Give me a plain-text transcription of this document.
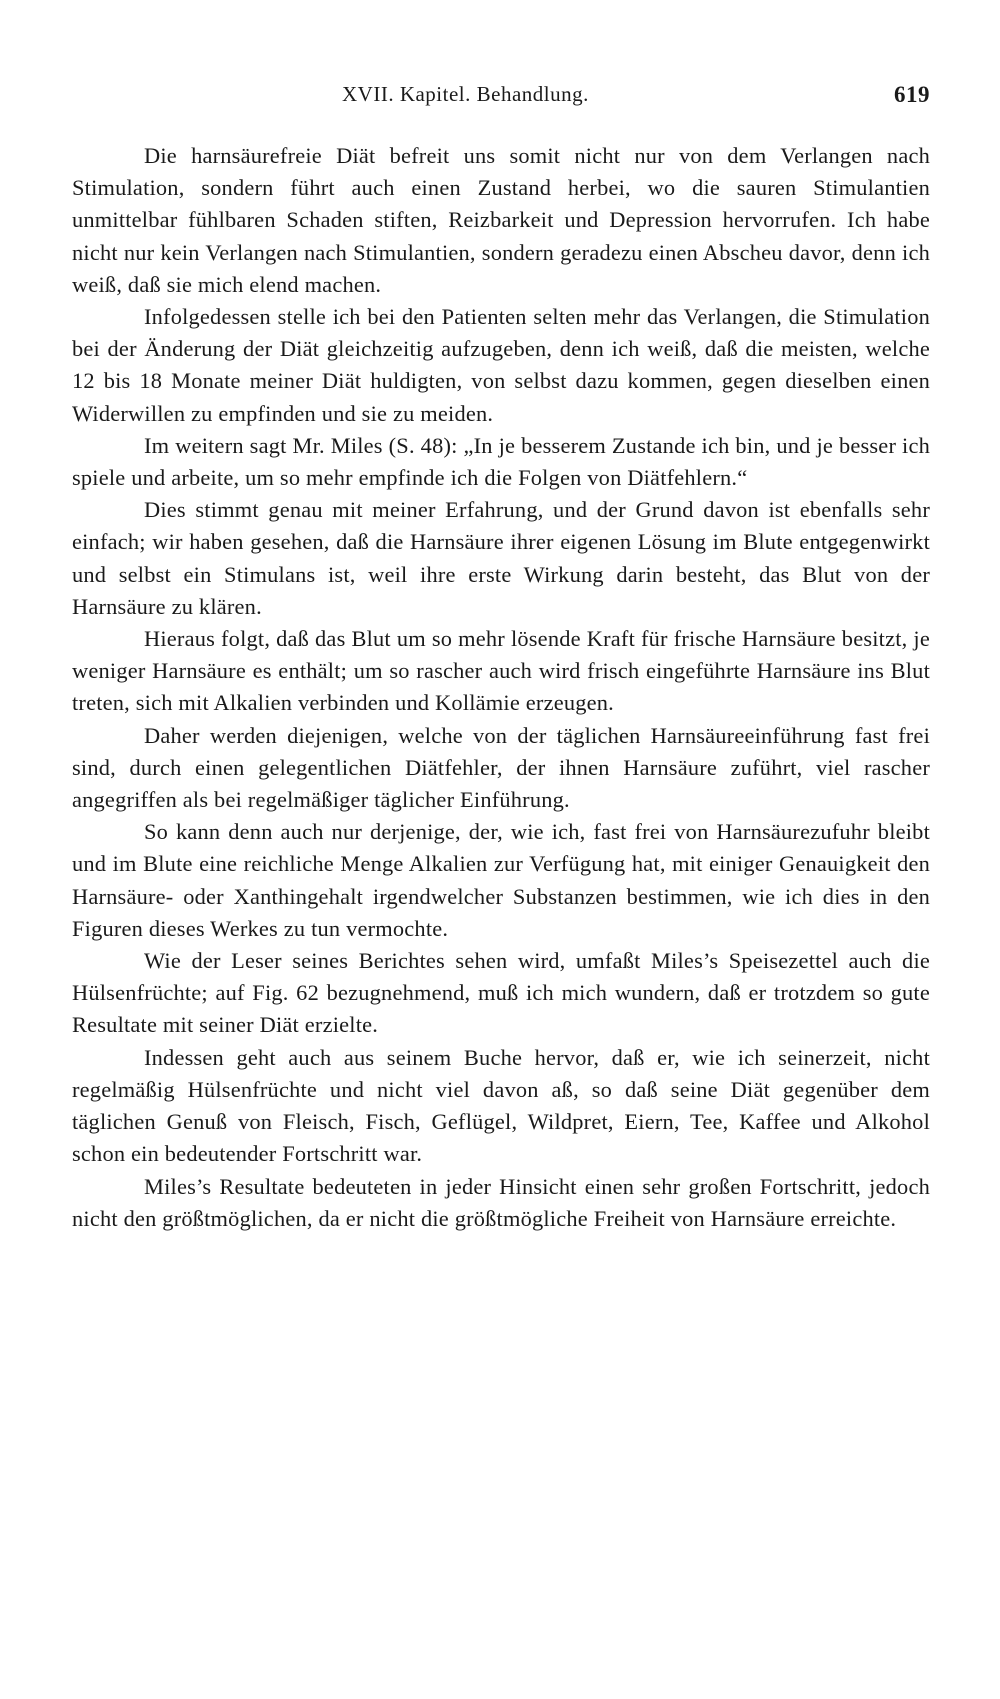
XVII. Kapitel. Behandlung.	619

Die harnsäurefreie Diät befreit uns somit nicht nur von dem Verlangen nach Stimulation, sondern führt auch einen Zustand herbei, wo die sauren Stimulantien unmittelbar fühlbaren Schaden stiften, Reizbarkeit und Depression hervorrufen. Ich habe nicht nur kein Verlangen nach Stimulantien, sondern geradezu einen Abscheu davor, denn ich weiß, daß sie mich elend machen.

Infolgedessen stelle ich bei den Patienten selten mehr das Verlangen, die Stimulation bei der Änderung der Diät gleichzeitig aufzugeben, denn ich weiß, daß die meisten, welche 12 bis 18 Monate meiner Diät huldigten, von selbst dazu kommen, gegen dieselben einen Widerwillen zu empfinden und sie zu meiden.

Im weitern sagt Mr. Miles (S. 48): „In je besserem Zustande ich bin, und je besser ich spiele und arbeite, um so mehr empfinde ich die Folgen von Diätfehlern.“

Dies stimmt genau mit meiner Erfahrung, und der Grund davon ist ebenfalls sehr einfach; wir haben gesehen, daß die Harnsäure ihrer eigenen Lösung im Blute entgegenwirkt und selbst ein Stimulans ist, weil ihre erste Wirkung darin besteht, das Blut von der Harnsäure zu klären.

Hieraus folgt, daß das Blut um so mehr lösende Kraft für frische Harnsäure besitzt, je weniger Harnsäure es enthält; um so rascher auch wird frisch eingeführte Harnsäure ins Blut treten, sich mit Alkalien verbinden und Kollämie erzeugen.

Daher werden diejenigen, welche von der täglichen Harnsäureeinführung fast frei sind, durch einen gelegentlichen Diätfehler, der ihnen Harnsäure zuführt, viel rascher angegriffen als bei regelmäßiger täglicher Einführung.

So kann denn auch nur derjenige, der, wie ich, fast frei von Harnsäurezufuhr bleibt und im Blute eine reichliche Menge Alkalien zur Verfügung hat, mit einiger Genauigkeit den Harnsäure- oder Xanthingehalt irgendwelcher Substanzen bestimmen, wie ich dies in den Figuren dieses Werkes zu tun vermochte.

Wie der Leser seines Berichtes sehen wird, umfaßt Miles’s Speisezettel auch die Hülsenfrüchte; auf Fig. 62 bezugnehmend, muß ich mich wundern, daß er trotzdem so gute Resultate mit seiner Diät erzielte.

Indessen geht auch aus seinem Buche hervor, daß er, wie ich seinerzeit, nicht regelmäßig Hülsenfrüchte und nicht viel davon aß, so daß seine Diät gegenüber dem täglichen Genuß von Fleisch, Fisch, Geflügel, Wildpret, Eiern, Tee, Kaffee und Alkohol schon ein bedeutender Fortschritt war.

Miles’s Resultate bedeuteten in jeder Hinsicht einen sehr großen Fortschritt, jedoch nicht den größtmöglichen, da er nicht die größtmögliche Freiheit von Harnsäure erreichte.
